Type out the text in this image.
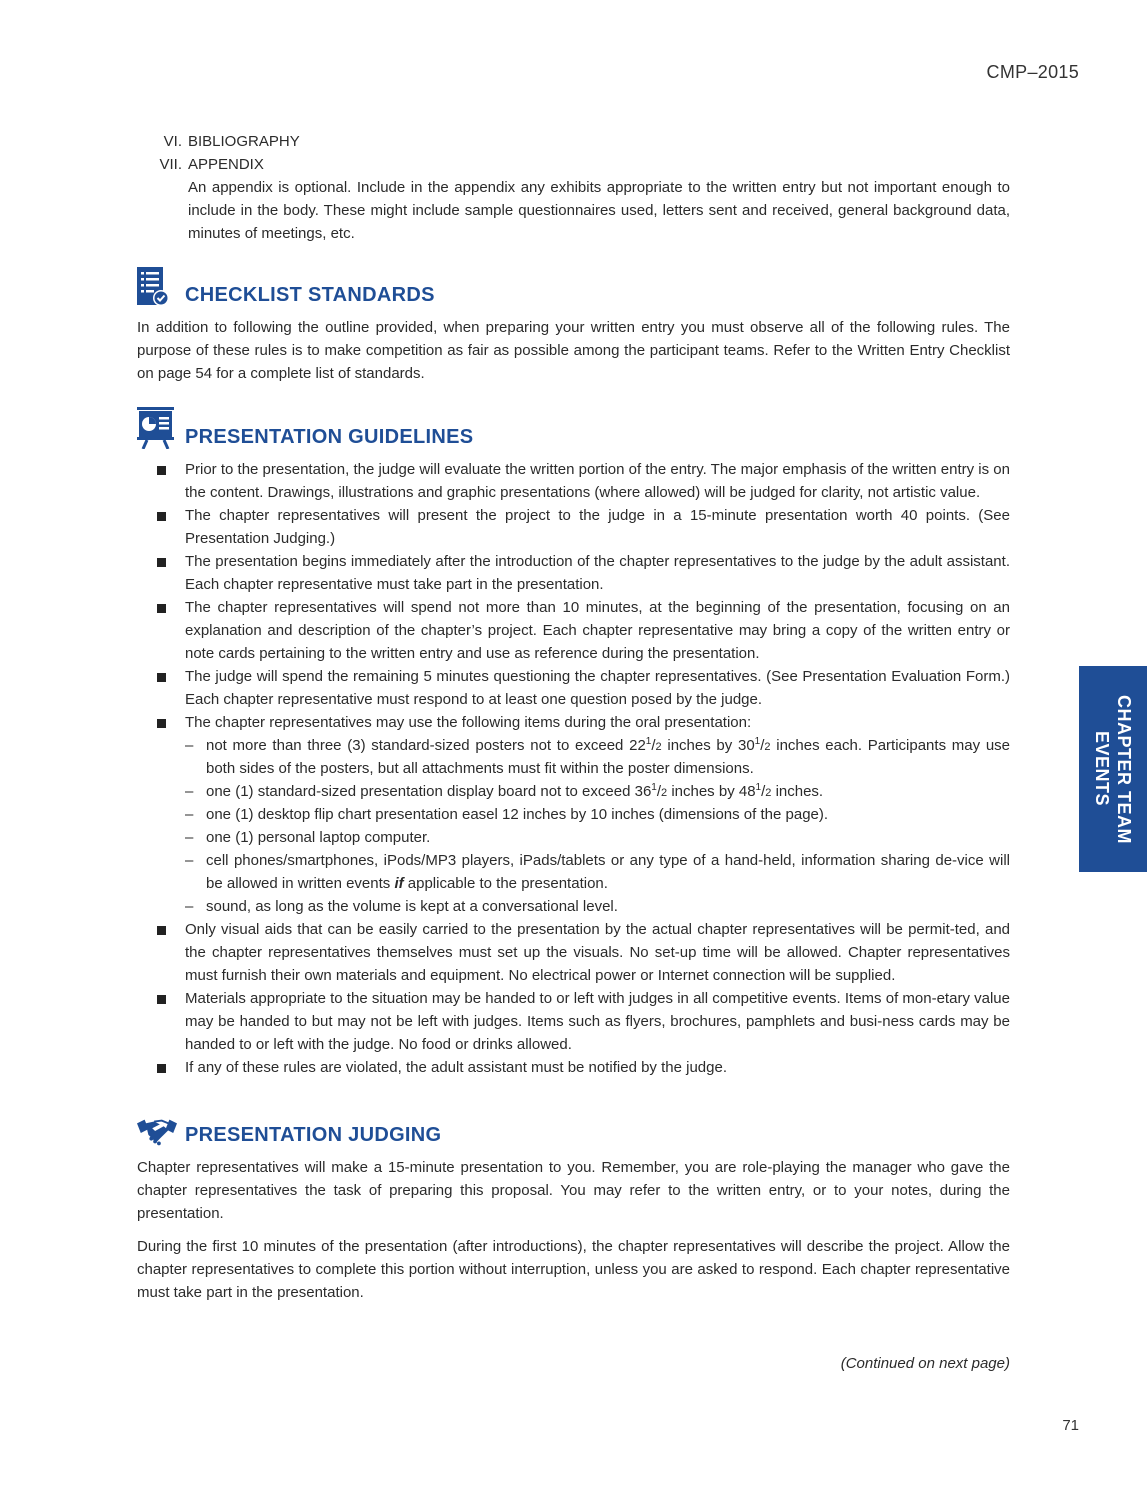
CMP–2015
CHAPTER TEAM
EVENTS
VI. BIBLIOGRAPHY
VII. APPENDIX
An appendix is optional. Include in the appendix any exhibits appropriate to the written entry but not important enough to include in the body. These might include sample questionnaires used, letters sent and received, general background data, minutes of meetings, etc.
CHECKLIST STANDARDS

In addition to following the outline provided, when preparing your written entry you must observe all of the following rules. The purpose of these rules is to make competition as fair as possible among the participant teams. Refer to the Written Entry Checklist on page 54 for a complete list of standards.

PRESENTATION GUIDELINES
Prior to the presentation, the judge will evaluate the written portion of the entry. The major emphasis of the written entry is on the content. Drawings, illustrations and graphic presentations (where allowed) will be judged for clarity, not artistic value.
The chapter representatives will present the project to the judge in a 15-minute presentation worth 40 points. (See Presentation Judging.)
The presentation begins immediately after the introduction of the chapter representatives to the judge by the adult assistant. Each chapter representative must take part in the presentation.
The chapter representatives will spend not more than 10 minutes, at the beginning of the presentation, focusing on an explanation and description of the chapter’s project. Each chapter representative may bring a copy of the written entry or note cards pertaining to the written entry and use as reference during the presentation.
The judge will spend the remaining 5 minutes questioning the chapter representatives. (See Presentation Evaluation Form.) Each chapter representative must respond to at least one question posed by the judge.
The chapter representatives may use the following items during the oral presentation:
– not more than three (3) standard-sized posters not to exceed $22^1/2$ inches by $30^1/2$ inches each. Participants may use both sides of the posters, but all attachments must fit within the poster dimensions.
– one (1) standard-sized presentation display board not to exceed $36^1/2$ inches by $48^1/2$ inches.
– one (1) desktop flip chart presentation easel 12 inches by 10 inches (dimensions of the page).
– one (1) personal laptop computer.
– cell phones/smartphones, iPods/MP3 players, iPads/tablets or any type of a hand-held, information sharing de-vice will be allowed in written events if applicable to the presentation.
– sound, as long as the volume is kept at a conversational level.
Only visual aids that can be easily carried to the presentation by the actual chapter representatives will be permit-ted, and the chapter representatives themselves must set up the visuals. No set-up time will be allowed. Chapter representatives must furnish their own materials and equipment. No electrical power or Internet connection will be supplied.
Materials appropriate to the situation may be handed to or left with judges in all competitive events. Items of mon-etary value may be handed to but may not be left with judges. Items such as flyers, brochures, pamphlets and busi-ness cards may be handed to or left with the judge. No food or drinks allowed.
If any of these rules are violated, the adult assistant must be notified by the judge.
PRESENTATION JUDGING

Chapter representatives will make a 15-minute presentation to you. Remember, you are role-playing the manager who gave the chapter representatives the task of preparing this proposal. You may refer to the written entry, or to your notes, during the presentation.

During the first 10 minutes of the presentation (after introductions), the chapter representatives will describe the project. Allow the chapter representatives to complete this portion without interruption, unless you are asked to respond. Each chapter representative must take part in the presentation.

(Continued on next page)
71
